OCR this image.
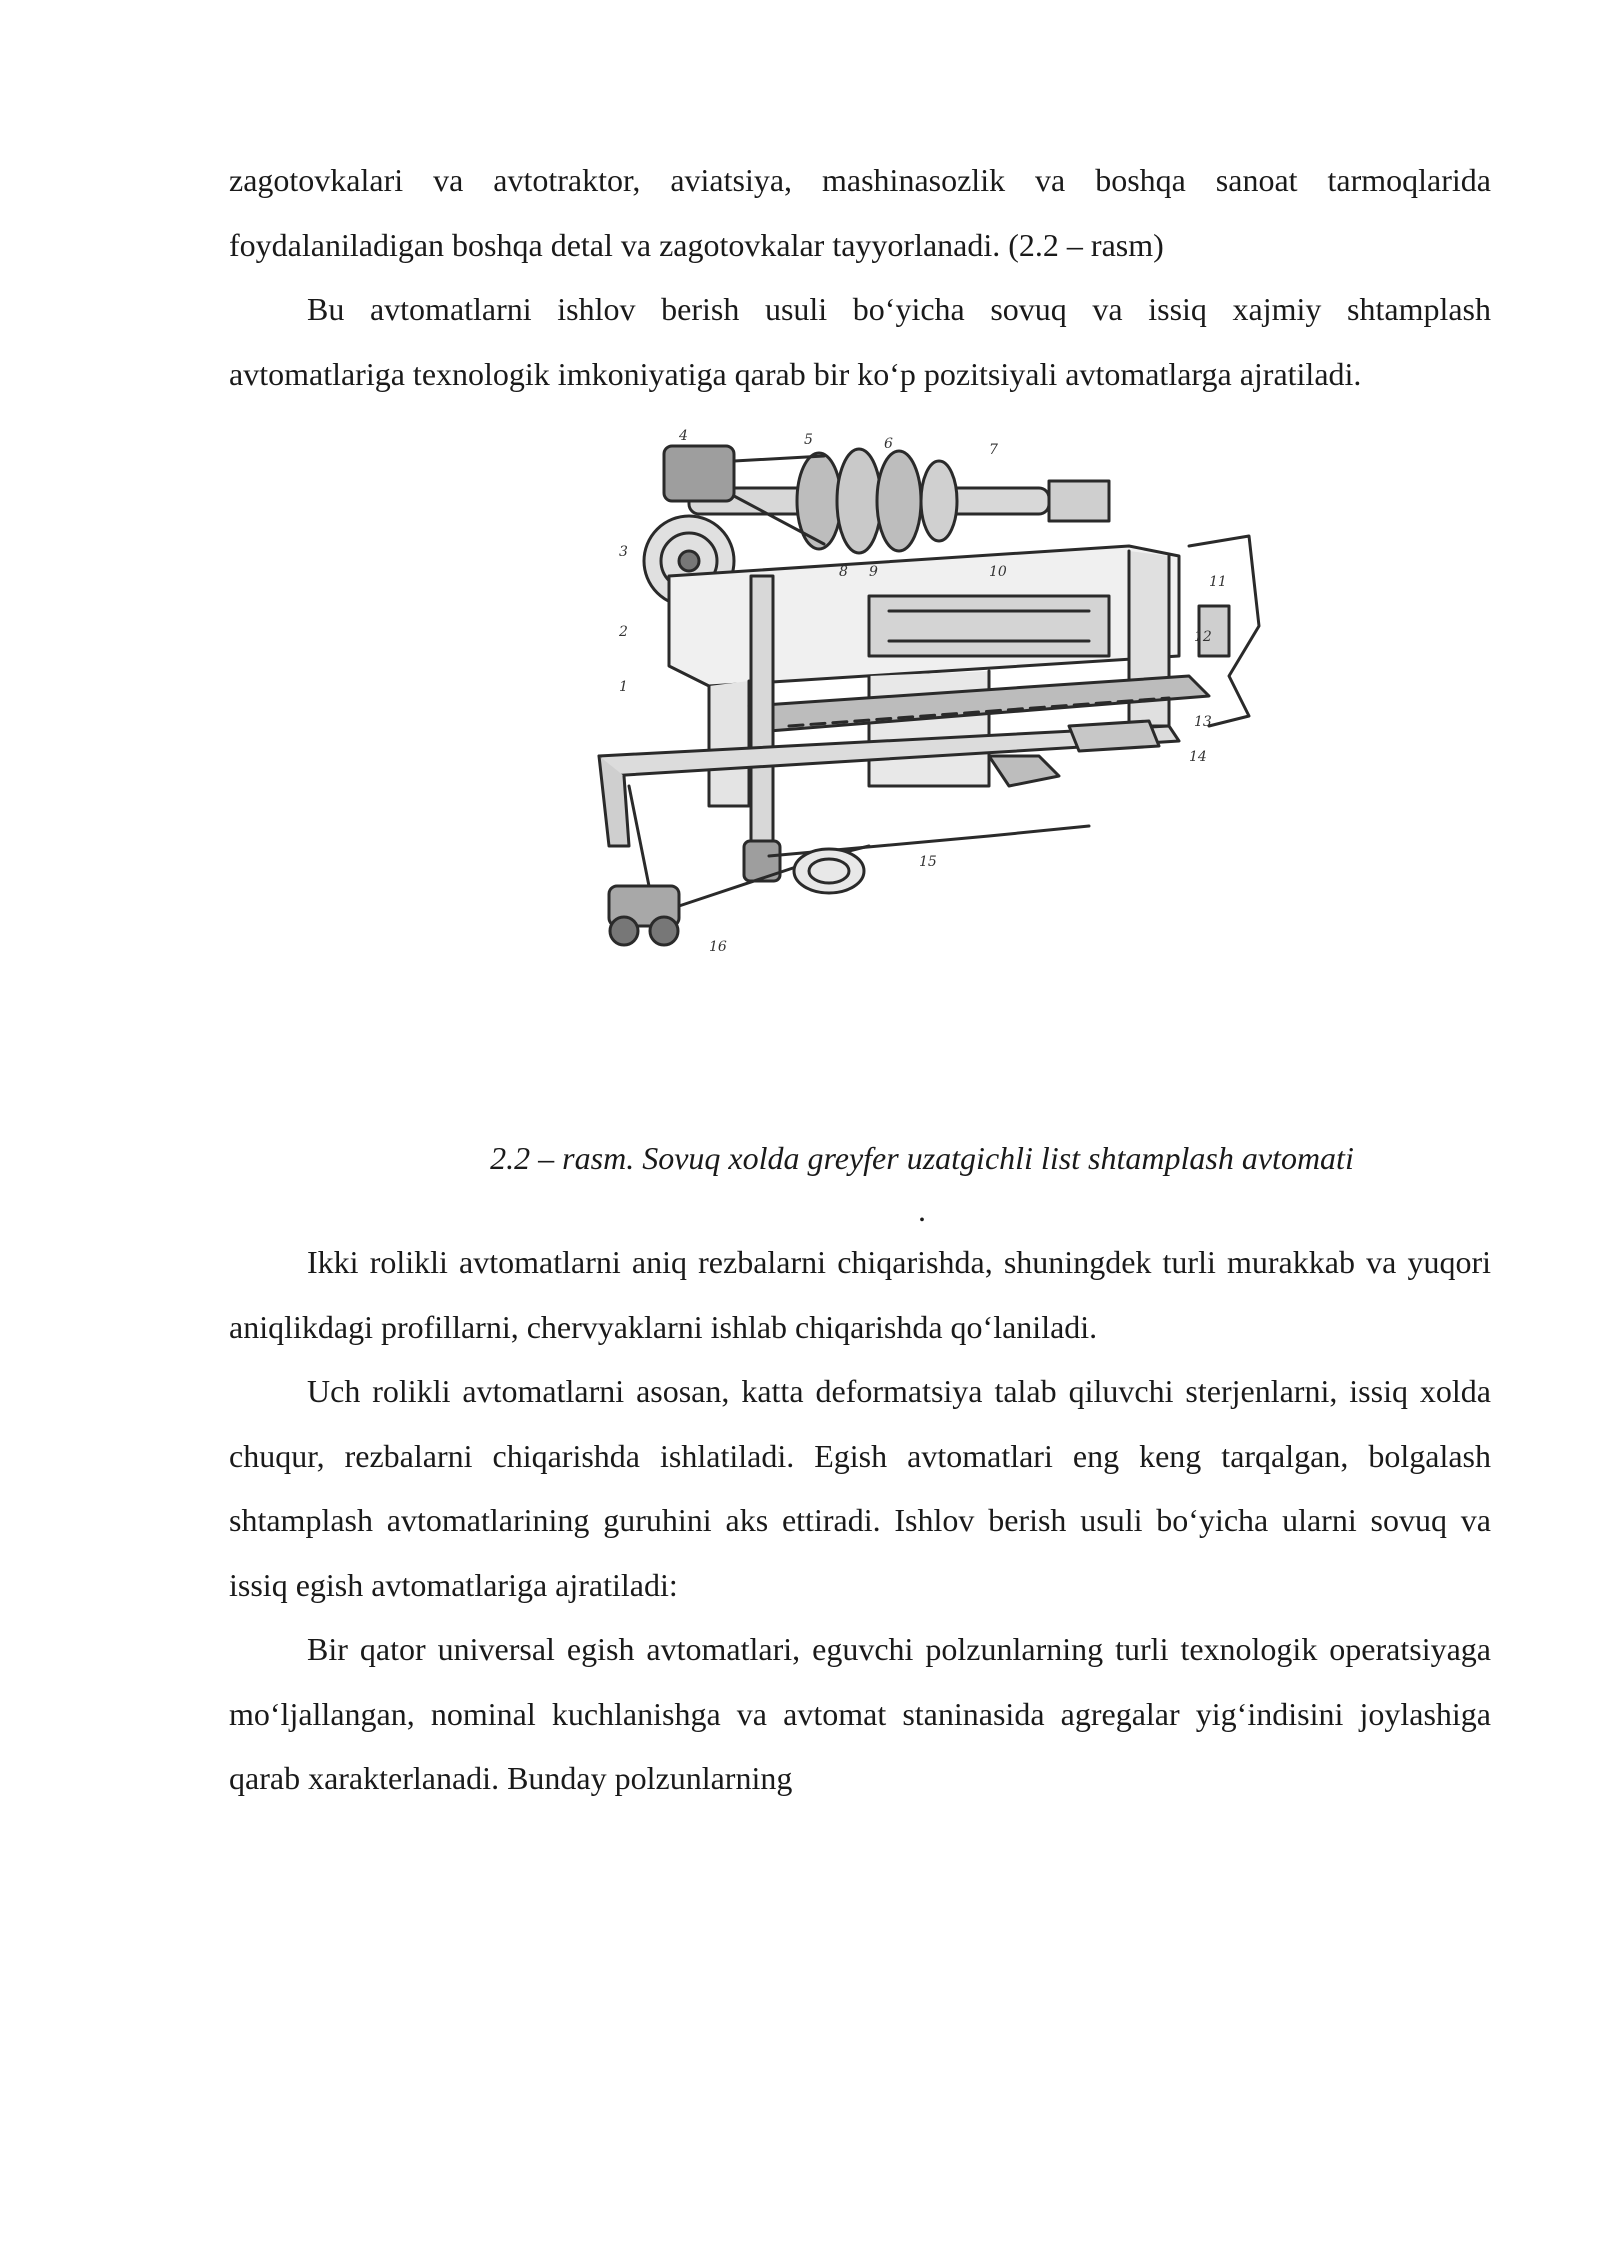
zagotovkalari va avtotraktor, aviatsiya, mashinasozlik va boshqa sanoat tarmoqlarida foydalaniladigan boshqa detal va zagotovkalar tayyorlanadi. (2.2 – rasm)

Bu avtomatlarni ishlov berish usuli bo‘yicha sovuq va issiq xajmiy shtamplash avtomatlariga texnologik imkoniyatiga qarab bir ko‘p pozitsiyali avtomatlarga ajratiladi.

1
2
3
4	5	6	7
8 9	10
11
12
13
14
15
16

2.2 – rasm. Sovuq xolda greyfer uzatgichli list shtamplash avtomati

.

Ikki rolikli avtomatlarni aniq rezbalarni chiqarishda, shuningdek turli murakkab va yuqori aniqlikdagi profillarni, chervyaklarni ishlab chiqarishda qo‘laniladi.

Uch rolikli avtomatlarni asosan, katta deformatsiya talab qiluvchi sterjenlarni, issiq xolda chuqur, rezbalarni chiqarishda ishlatiladi. Egish avtomatlari eng keng tarqalgan, bolgalash shtamplash avtomatlarining guruhini aks ettiradi. Ishlov berish usuli bo‘yicha ularni sovuq va issiq egish avtomatlariga ajratiladi:

Bir qator universal egish avtomatlari, eguvchi polzunlarning turli texnologik operatsiyaga mo‘ljallangan, nominal kuchlanishga va avtomat staninasida agregalar yig‘indisini joylashiga qarab xarakterlanadi. Bunday polzunlarning
